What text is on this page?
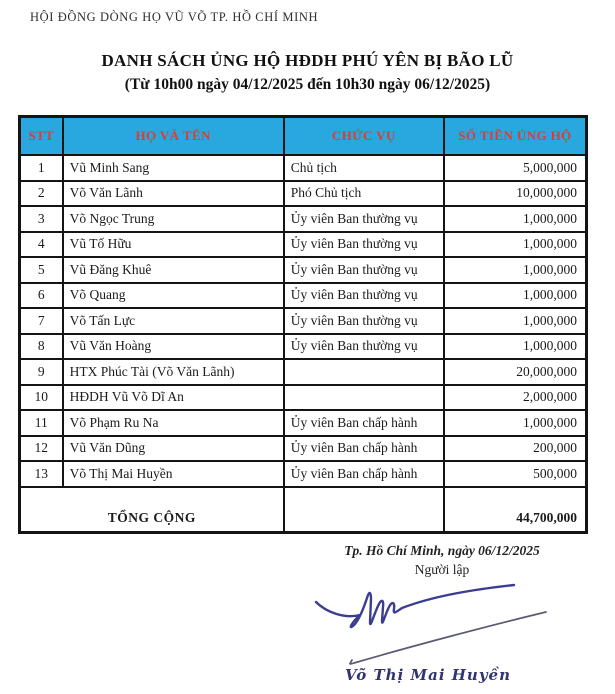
HỘI ĐỒNG DÒNG HỌ VŨ VÕ TP. HỒ CHÍ MINH
DANH SÁCH ỦNG HỘ HĐDH PHÚ YÊN BỊ BÃO LŨ
(Từ 10h00 ngày 04/12/2025 đến 10h30 ngày 06/12/2025)
STT	HỌ VÀ TÊN	CHỨC VỤ	SỐ TIỀN ỦNG HỘ
1	Vũ Minh Sang	Chủ tịch	5,000,000
2	Võ Văn Lãnh	Phó Chủ tịch	10,000,000
3	Võ Ngọc Trung	Ủy viên Ban thường vụ	1,000,000
4	Vũ Tố Hữu	Ủy viên Ban thường vụ	1,000,000
5	Vũ Đăng Khuê	Ủy viên Ban thường vụ	1,000,000
6	Võ Quang	Ủy viên Ban thường vụ	1,000,000
7	Võ Tấn Lực	Ủy viên Ban thường vụ	1,000,000
8	Vũ Văn Hoàng	Ủy viên Ban thường vụ	1,000,000
9	HTX Phúc Tài (Võ Văn Lãnh)		20,000,000
10	HĐDH Vũ Võ Dĩ An		2,000,000
11	Võ Phạm Ru Na	Ủy viên Ban chấp hành	1,000,000
12	Vũ Văn Dũng	Ủy viên Ban chấp hành	200,000
13	Võ Thị Mai Huyền	Ủy viên Ban chấp hành	500,000
TỔNG CỘNG			44,700,000
Tp. Hồ Chí Minh, ngày 06/12/2025
Người lập
Võ Thị Mai Huyền
